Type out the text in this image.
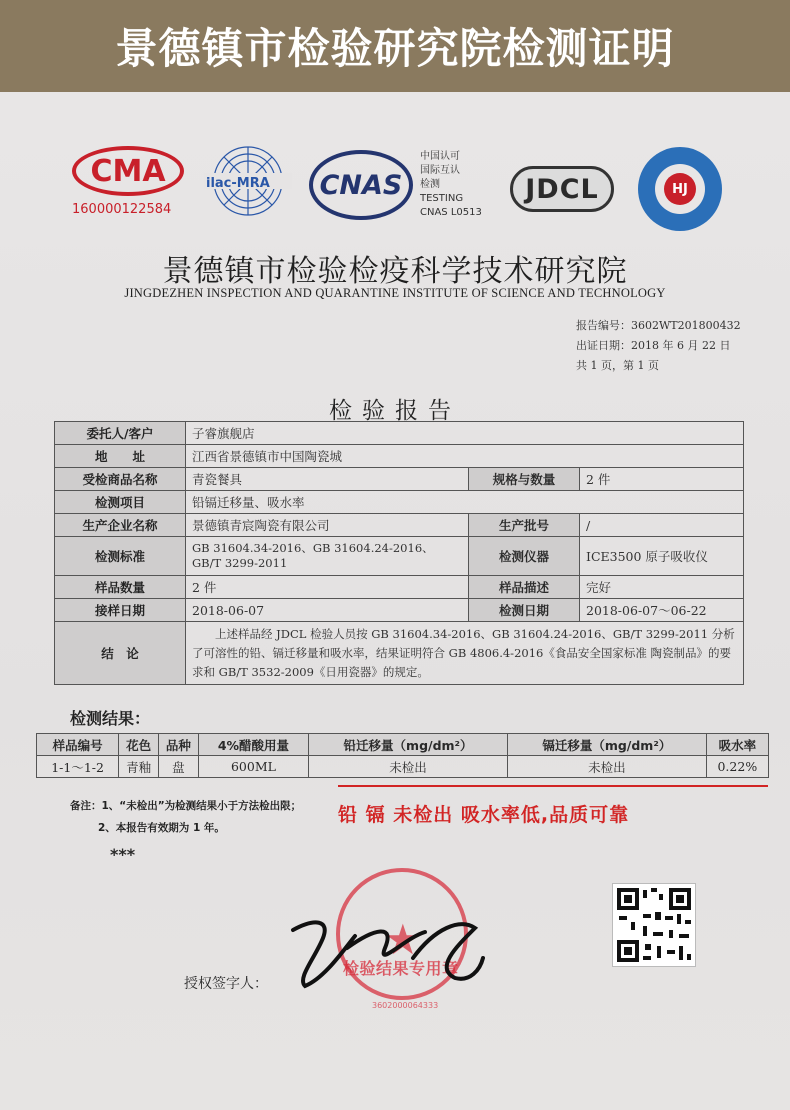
景德镇市检验研究院检测证明
CMA
160000122584
ilac-MRA CNAS
中国认可
国际互认
检测
TESTING
CNAS L0513
JDCL	HJ
景德镇市检验检疫科学技术研究院
JINGDEZHEN INSPECTION AND QUARANTINE INSTITUTE OF SCIENCE AND TECHNOLOGY
报告编号：3602WT201800432
出证日期：2018 年 6 月 22 日
共 1 页，第 1 页
检验报告
委托人/客户	子睿旗舰店		
地　　址	江西省景德镇市中国陶瓷城		
受检商品名称	青瓷餐具	规格与数量	2 件
检测项目	铅镉迁移量、吸水率		
生产企业名称	景德镇青宸陶瓷有限公司	生产批号	/
检测标准	GB 31604.34-2016、GB 31604.24-2016、GB/T 3299-2011	检测仪器	ICE3500 原子吸收仪
样品数量	2 件	样品描述	完好
接样日期	2018-06-07	检测日期	2018-06-07～06-22
结　论	上述样品经 JDCL 检验人员按 GB 31604.34-2016、GB 31604.24-2016、GB/T 3299-2011 分析了可溶性的铅、镉迁移量和吸水率，结果证明符合 GB 4806.4-2016《食品安全国家标准 陶瓷制品》的要求和 GB/T 3532-2009《日用瓷器》的规定。		
检测结果：
样品编号	花色	品种	4%醋酸用量	铅迁移量（mg/dm²）	镉迁移量（mg/dm²）	吸水率
1-1～1-2	青釉	盘	600ML	未检出	未检出	0.22%
备注：1、“未检出”为检测结果小于方法检出限；
2、本报告有效期为 1 年。
铅 镉 未检出 吸水率低,品质可靠
***
★
检验结果专用章
3602000064333
授权签字人：
